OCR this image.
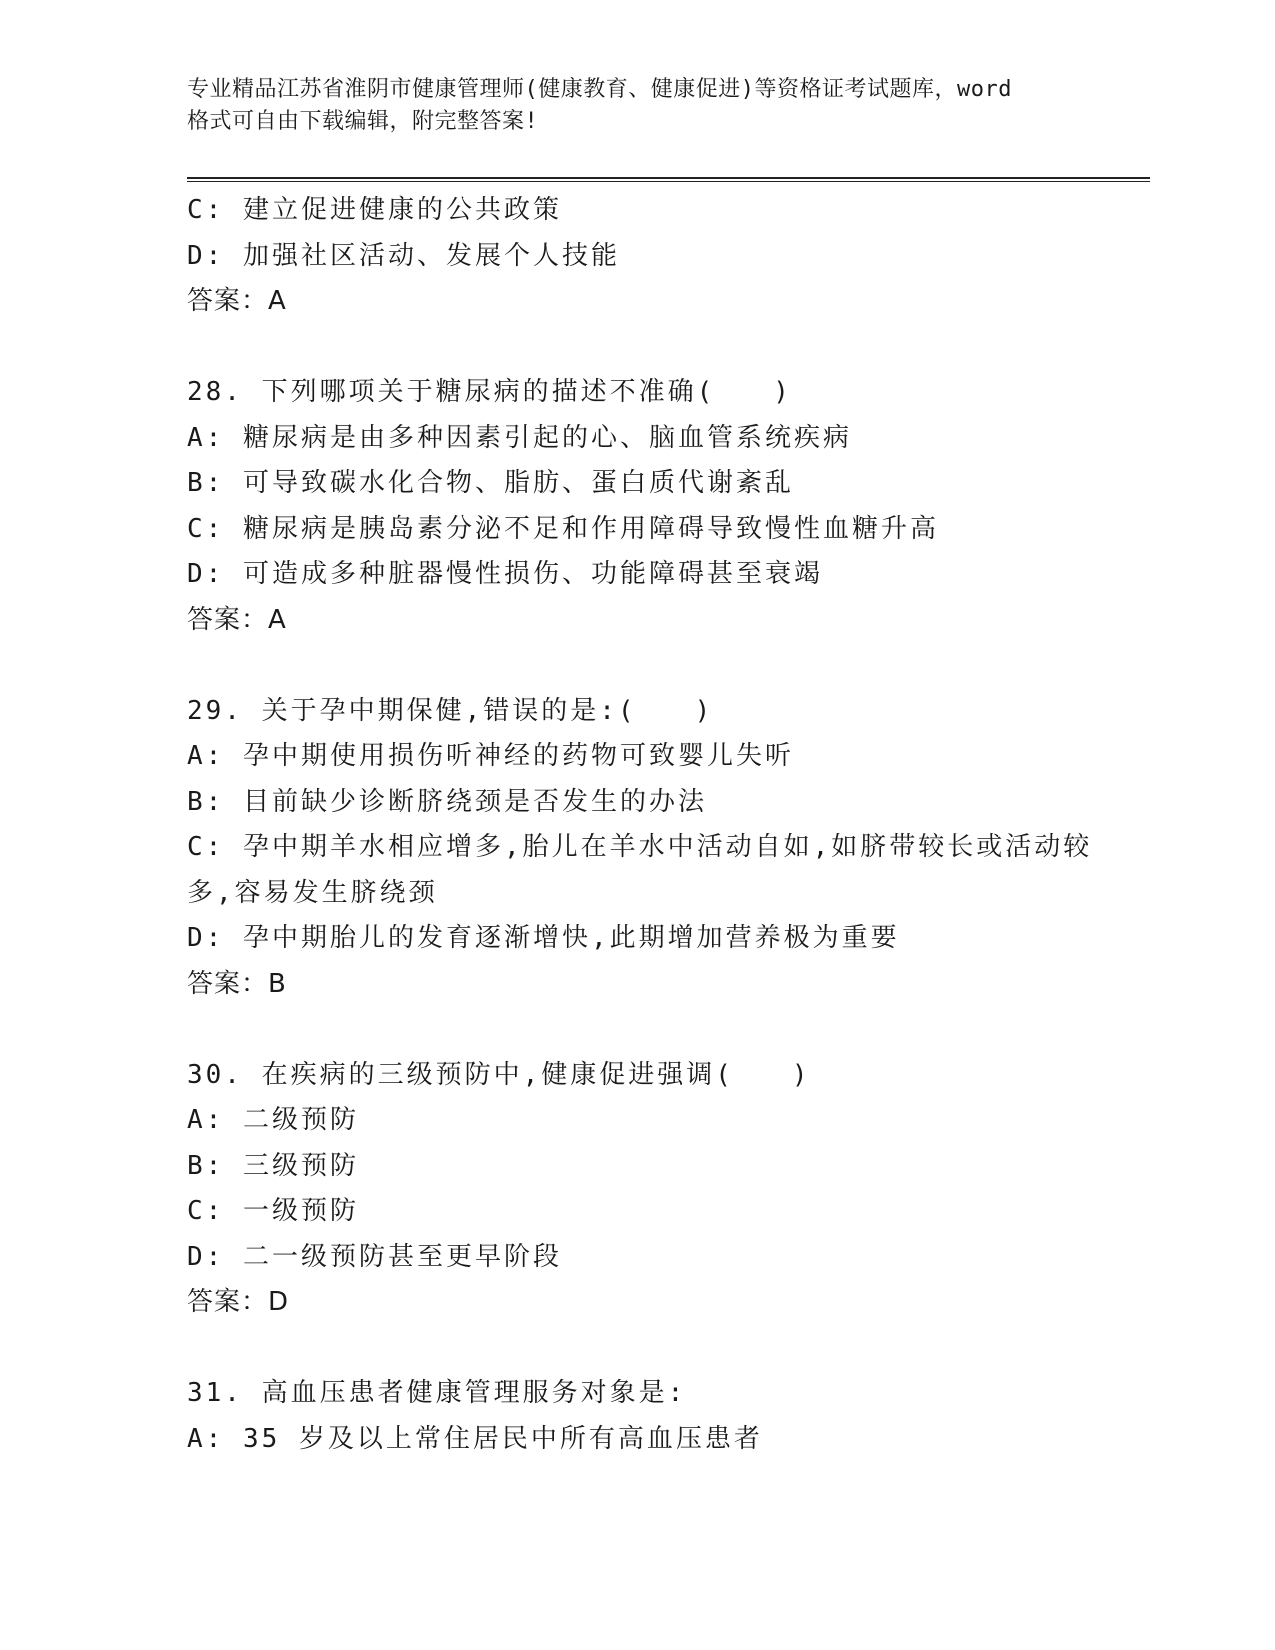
专业精品江苏省淮阴市健康管理师(健康教育、健康促进)等资格证考试题库，word
格式可自由下载编辑，附完整答案!
C: 建立促进健康的公共政策
D: 加强社区活动、发展个人技能
答案：A
28. 下列哪项关于糖尿病的描述不准确(　　)
A: 糖尿病是由多种因素引起的心、脑血管系统疾病
B: 可导致碳水化合物、脂肪、蛋白质代谢紊乱
C: 糖尿病是胰岛素分泌不足和作用障碍导致慢性血糖升高
D: 可造成多种脏器慢性损伤、功能障碍甚至衰竭
答案：A
29. 关于孕中期保健,错误的是:(　　)
A: 孕中期使用损伤听神经的药物可致婴儿失听
B: 目前缺少诊断脐绕颈是否发生的办法
C: 孕中期羊水相应增多,胎儿在羊水中活动自如,如脐带较长或活动较
多,容易发生脐绕颈
D: 孕中期胎儿的发育逐渐增快,此期增加营养极为重要
答案：B
30. 在疾病的三级预防中,健康促进强调(　　)
A: 二级预防
B: 三级预防
C: 一级预防
D: 二一级预防甚至更早阶段
答案：D
31. 高血压患者健康管理服务对象是:
A: 35 岁及以上常住居民中所有高血压患者
